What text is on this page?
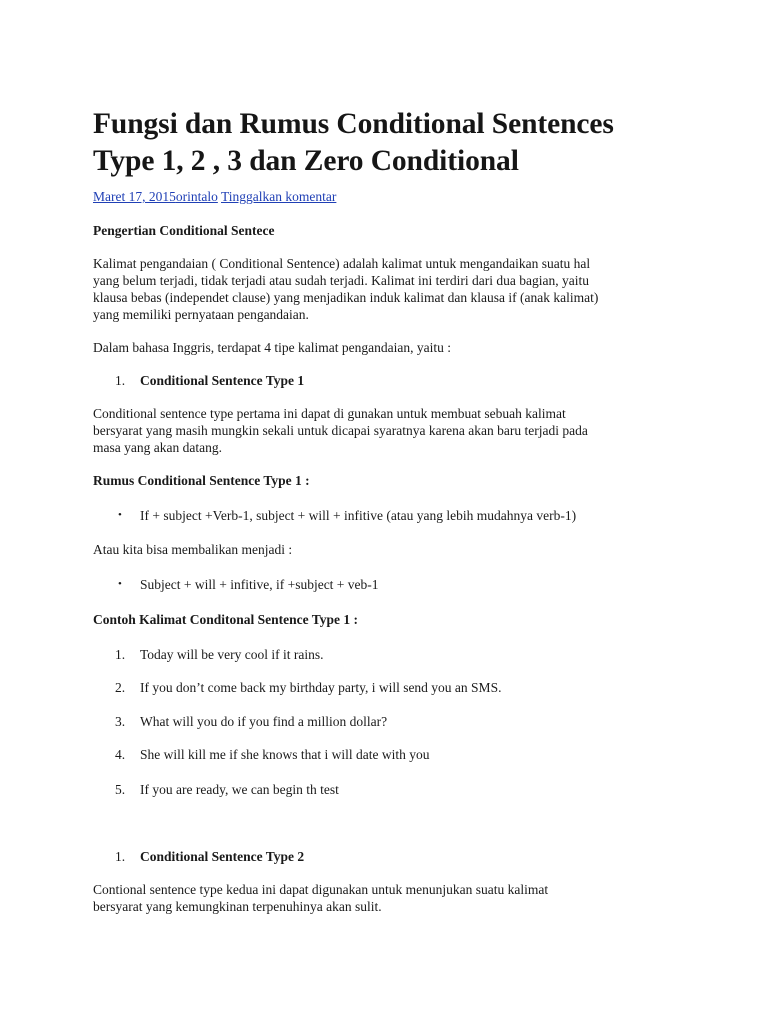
Fungsi dan Rumus Conditional Sentences
Type 1, 2 , 3 dan Zero Conditional
Maret 17, 2015orintalo Tinggalkan komentar

Pengertian Conditional Sentece

Kalimat pengandaian ( Conditional Sentence) adalah kalimat untuk mengandaikan suatu hal
yang belum terjadi, tidak terjadi atau sudah terjadi. Kalimat ini terdiri dari dua bagian, yaitu
klausa bebas (independet clause) yang menjadikan induk kalimat dan klausa if (anak kalimat)
yang memiliki pernyataan pengandaian.

Dalam bahasa Inggris, terdapat 4 tipe kalimat pengandaian, yaitu :

1. Conditional Sentence Type 1

Conditional sentence type pertama ini dapat di gunakan untuk membuat sebuah kalimat
bersyarat yang masih mungkin sekali untuk dicapai syaratnya karena akan baru terjadi pada
masa yang akan datang.

Rumus Conditional Sentence Type 1 :

• If + subject +Verb-1, subject + will + infitive (atau yang lebih mudahnya verb-1)

Atau kita bisa membalikan menjadi :

• Subject + will + infitive, if +subject + veb-1

Contoh Kalimat Conditonal Sentence Type 1 :

1. Today will be very cool if it rains.
2. If you don’t come back my birthday party, i will send you an SMS.
3. What will you do if you find a million dollar?
4. She will kill me if she knows that i will date with you
5. If you are ready, we can begin th test
1. Conditional Sentence Type 2

Contional sentence type kedua ini dapat digunakan untuk menunjukan suatu kalimat
bersyarat yang kemungkinan terpenuhinya akan sulit.
